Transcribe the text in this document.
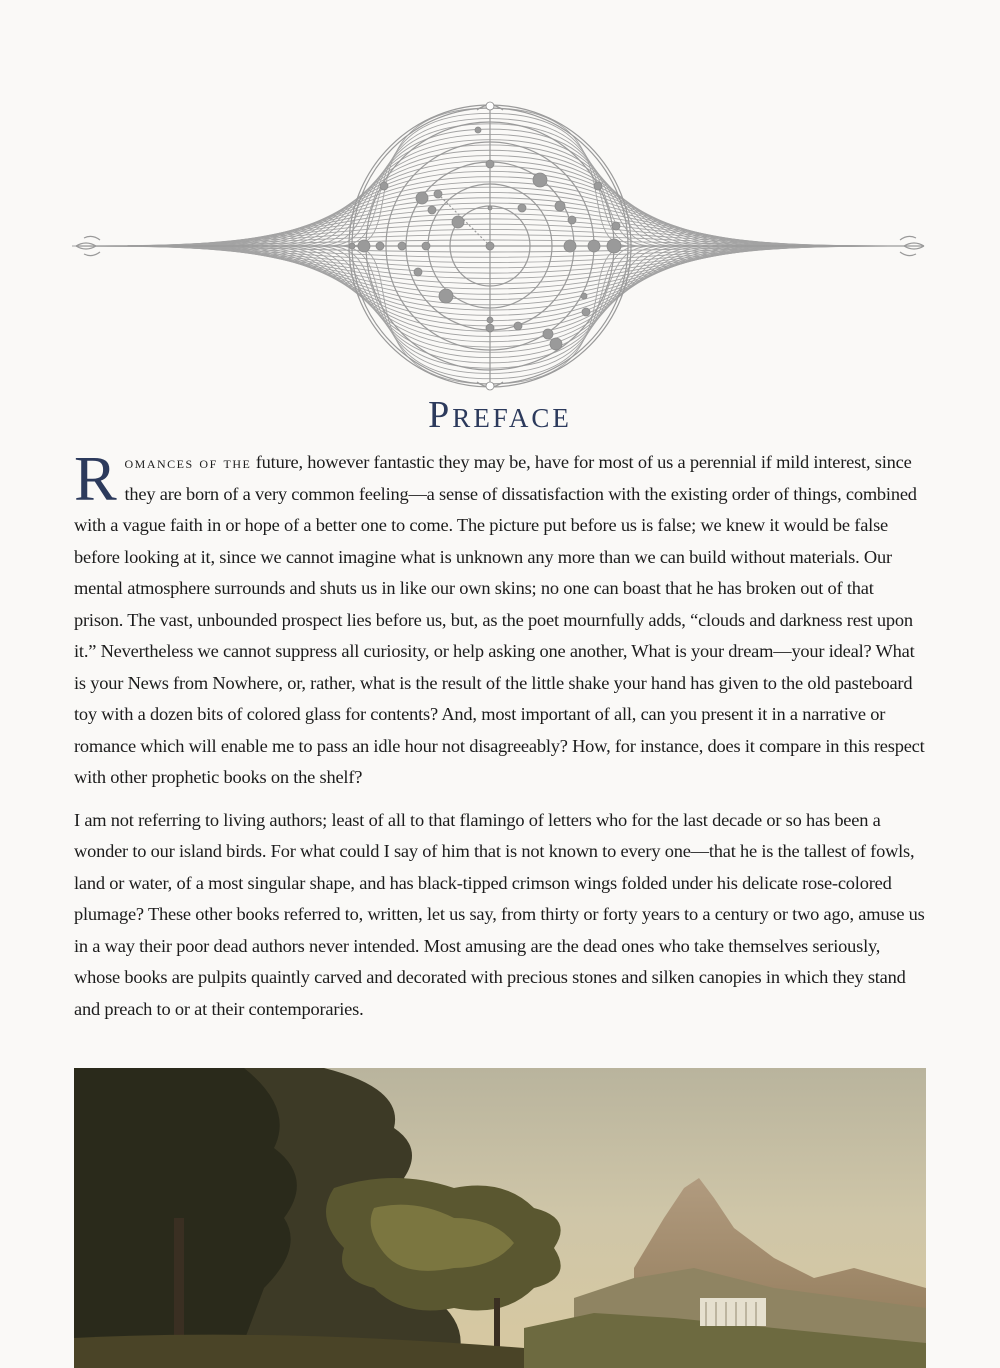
Preface

Romances of the future, however fantastic they may be, have for most of us a perennial if mild interest, since they are born of a very common feeling—a sense of dissatisfaction with the existing order of things, combined with a vague faith in or hope of a better one to come. The picture put before us is false; we knew it would be false before looking at it, since we cannot imagine what is unknown any more than we can build without materials. Our mental atmosphere surrounds and shuts us in like our own skins; no one can boast that he has broken out of that prison. The vast, unbounded prospect lies before us, but, as the poet mournfully adds, “clouds and darkness rest upon it.” Nevertheless we cannot suppress all curiosity, or help asking one another, What is your dream—your ideal? What is your News from Nowhere, or, rather, what is the result of the little shake your hand has given to the old pasteboard toy with a dozen bits of colored glass for contents? And, most important of all, can you present it in a narrative or romance which will enable me to pass an idle hour not disagreeably? How, for instance, does it compare in this respect with other prophetic books on the shelf?

I am not referring to living authors; least of all to that flamingo of letters who for the last decade or so has been a wonder to our island birds. For what could I say of him that is not known to every one—that he is the tallest of fowls, land or water, of a most singular shape, and has black-tipped crimson wings folded under his delicate rose-colored plumage? These other books referred to, written, let us say, from thirty or forty years to a century or two ago, amuse us in a way their poor dead authors never intended. Most amusing are the dead ones who take themselves seriously, whose books are pulpits quaintly carved and decorated with precious stones and silken canopies in which they stand and preach to or at their contemporaries.
